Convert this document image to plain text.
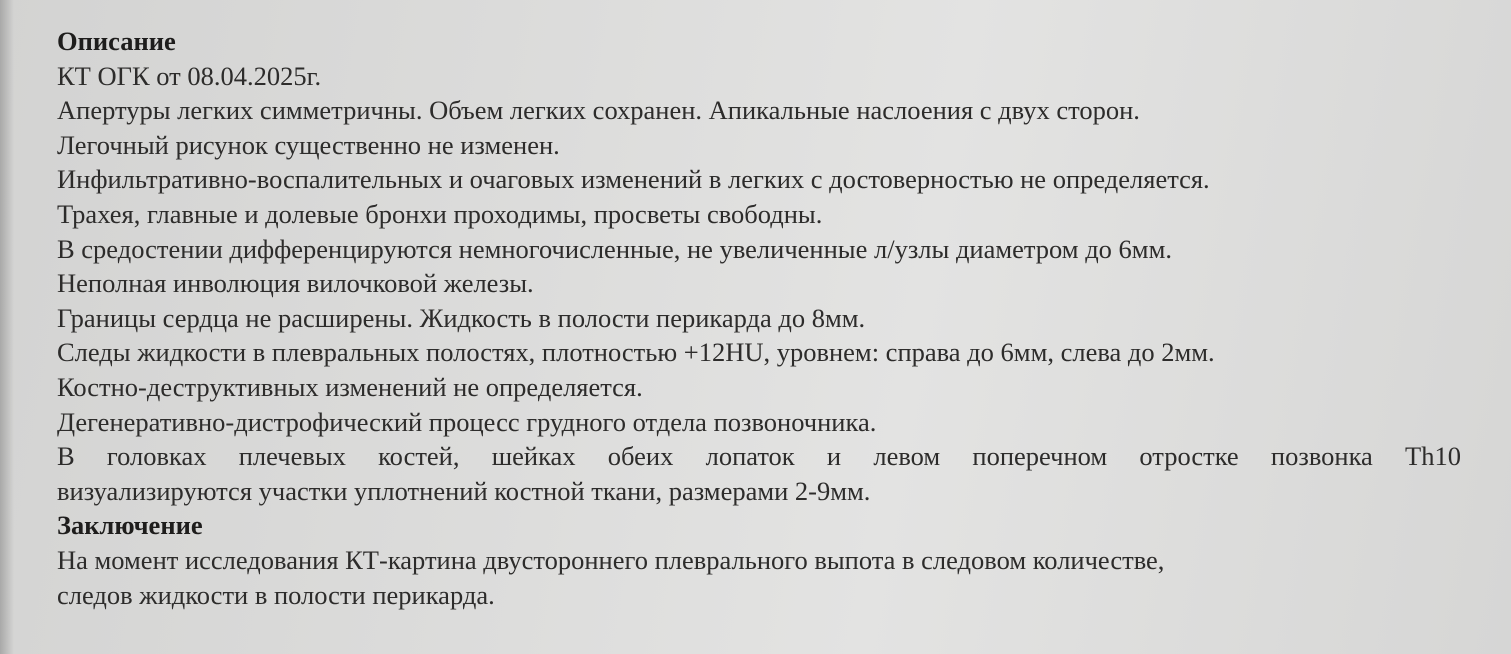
Описание
КТ ОГК от 08.04.2025г.
Апертуры легких симметричны. Объем легких сохранен. Апикальные наслоения с двух сторон.
Легочный рисунок существенно не изменен.
Инфильтративно-воспалительных и очаговых изменений в легких с достоверностью не определяется.
Трахея, главные и долевые бронхи проходимы, просветы свободны.
В средостении дифференцируются немногочисленные, не увеличенные л/узлы диаметром до 6мм.
Неполная инволюция вилочковой железы.
Границы сердца не расширены. Жидкость в полости перикарда до 8мм.
Следы жидкости в плевральных полостях, плотностью +12HU, уровнем: справа до 6мм, слева до 2мм.
Костно-деструктивных изменений не определяется.
Дегенеративно-дистрофический процесс грудного отдела позвоночника.
В головках плечевых костей, шейках обеих лопаток и левом поперечном отростке позвонка Th10
визуализируются участки уплотнений костной ткани, размерами 2-9мм.
Заключение
На момент исследования КТ-картина двустороннего плеврального выпота в следовом количестве,
следов жидкости в полости перикарда.
